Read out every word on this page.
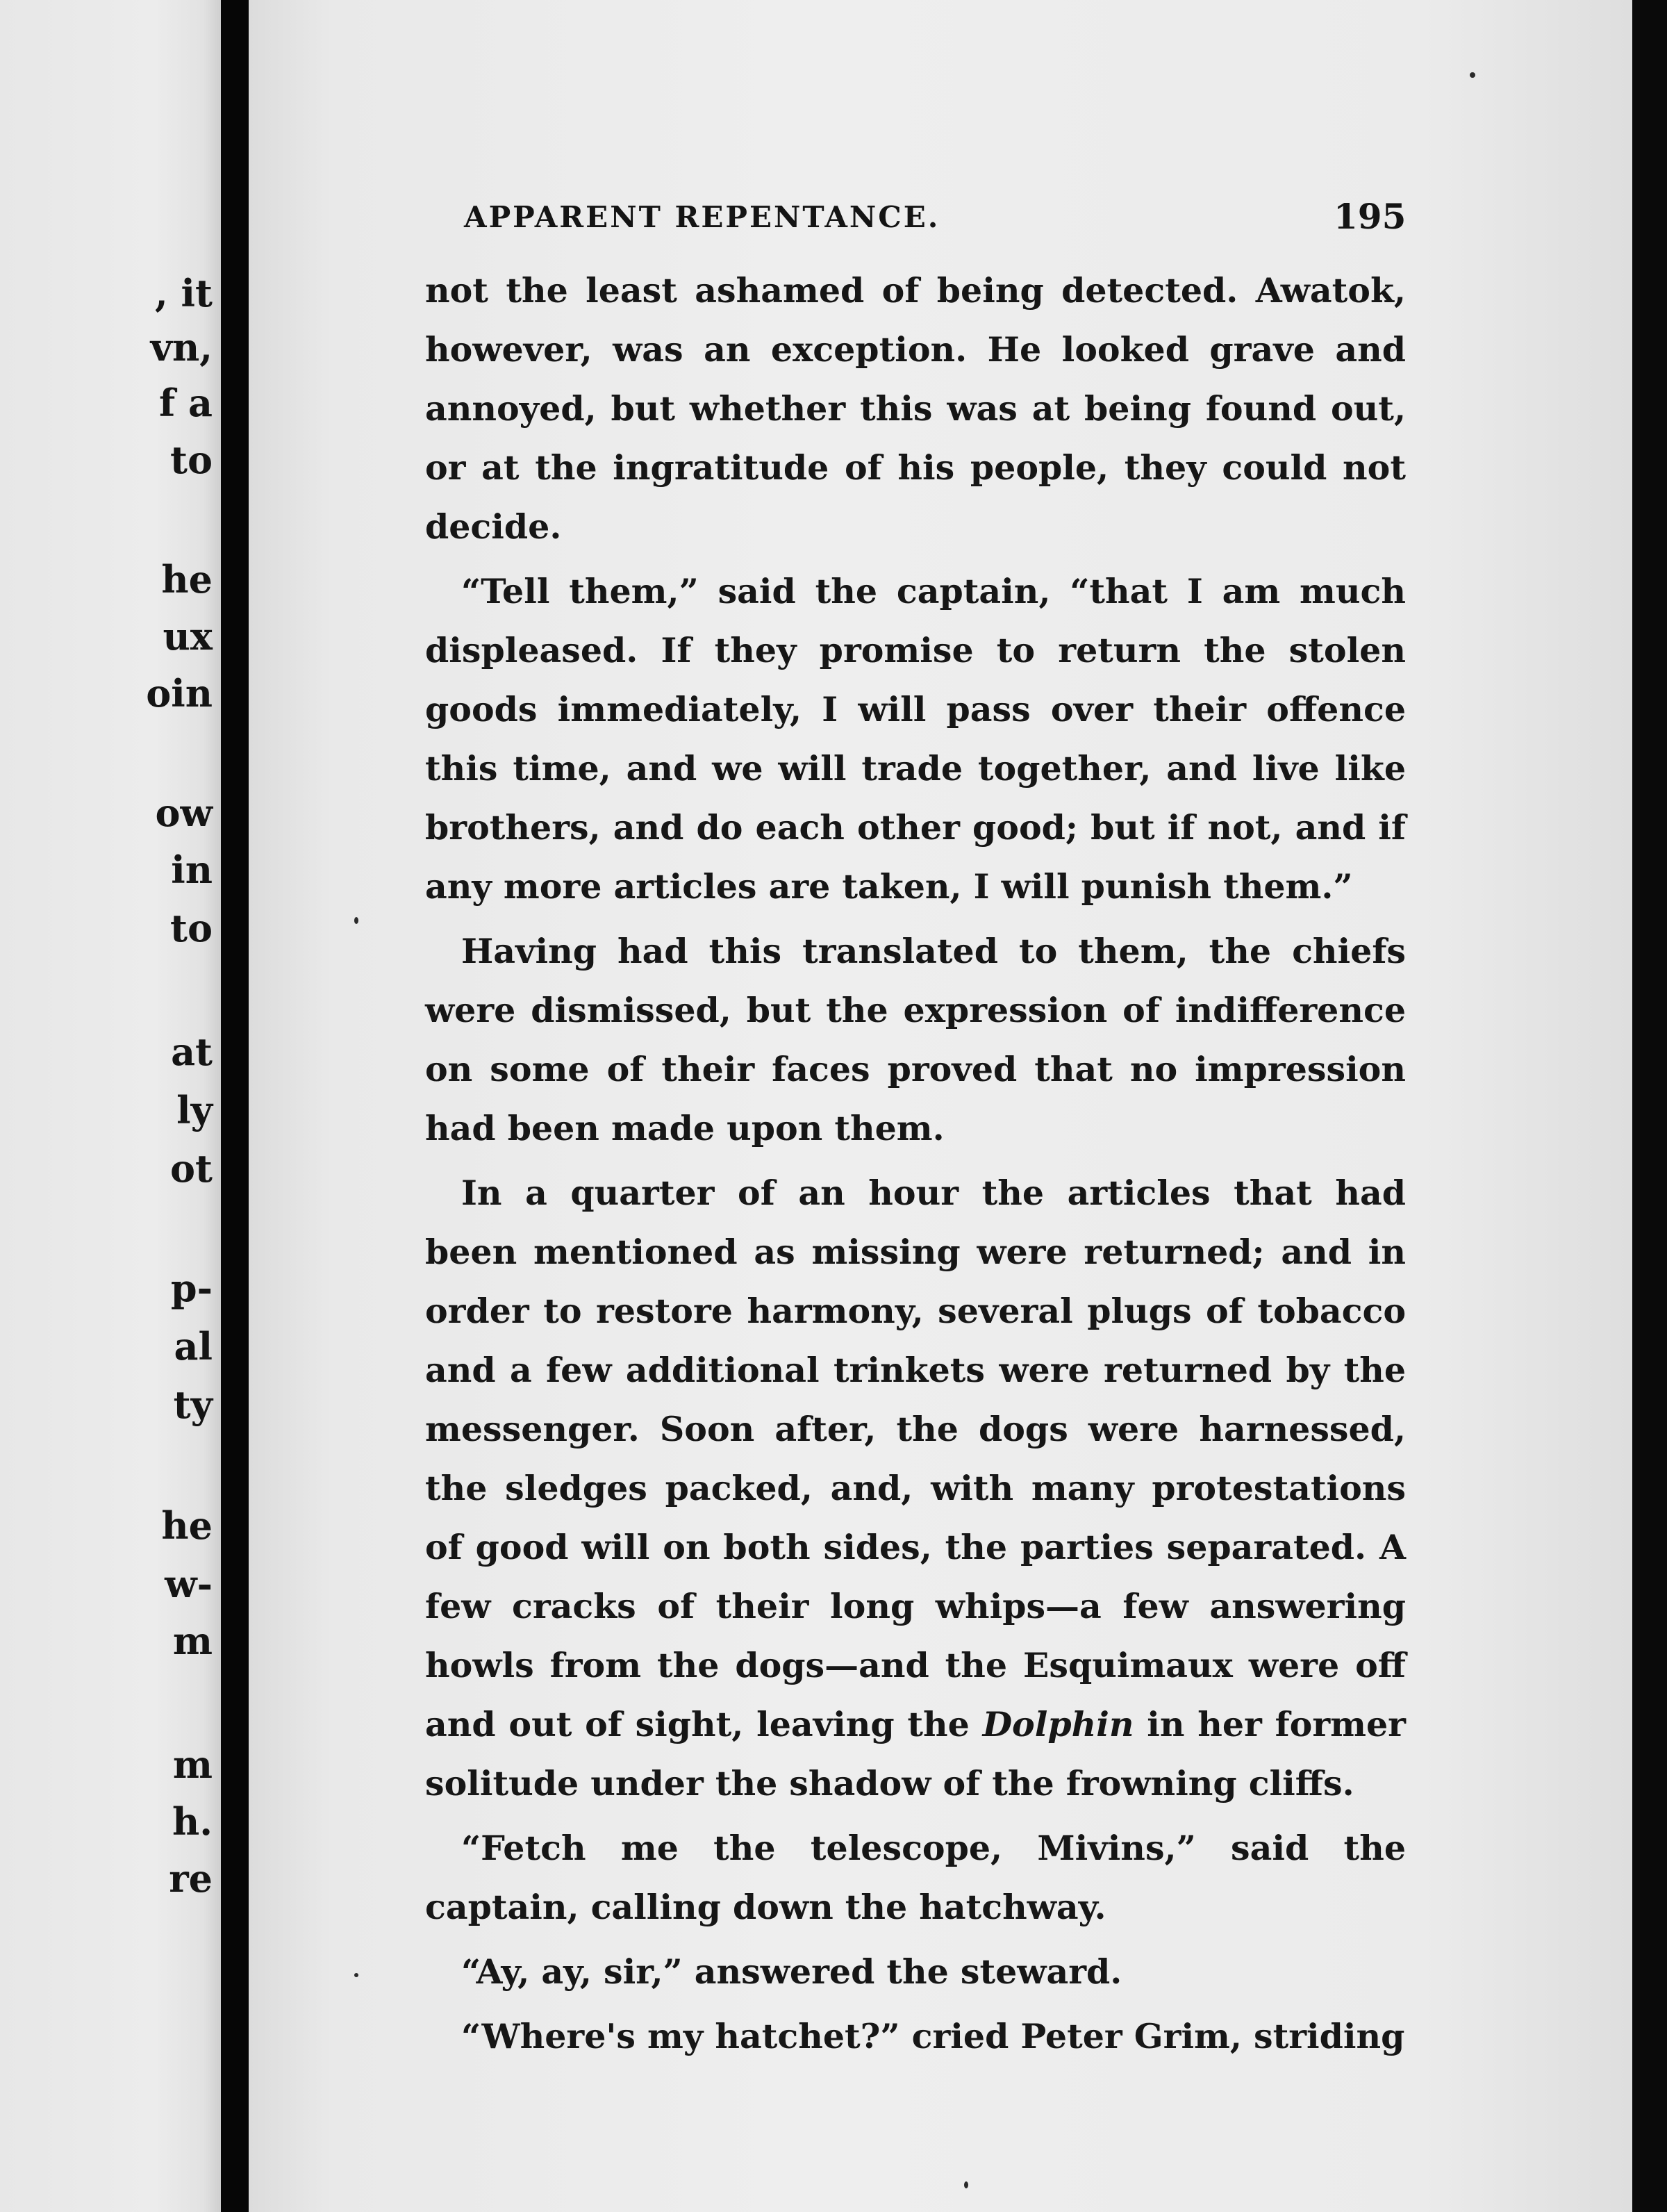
, it
vn,
f a
to
he
ux
oin
ow
in
to
at
ly
ot
p-
al
ty
he
w-
m
m
h.
re
APPARENT REPENTANCE.	195

not the least ashamed of being detected. Awatok, however, was an exception. He looked grave and annoyed, but whether this was at being found out, or at the ingratitude of his people, they could not decide.

“Tell them,” said the captain, “that I am much displeased. If they promise to return the stolen goods immediately, I will pass over their offence this time, and we will trade together, and live like brothers, and do each other good; but if not, and if any more articles are taken, I will punish them.”

Having had this translated to them, the chiefs were dismissed, but the expression of indifference on some of their faces proved that no impression had been made upon them.

In a quarter of an hour the articles that had been mentioned as missing were returned; and in order to restore harmony, several plugs of tobacco and a few additional trinkets were returned by the messenger. Soon after, the dogs were harnessed, the sledges packed, and, with many protestations of good will on both sides, the parties separated. A few cracks of their long whips—a few answering howls from the dogs—and the Esquimaux were off and out of sight, leaving the Dolphin in her former solitude under the shadow of the frowning cliffs.

“Fetch me the telescope, Mivins,” said the captain, calling down the hatchway.

“Ay, ay, sir,” answered the steward.

“Where's my hatchet?” cried Peter Grim, striding
